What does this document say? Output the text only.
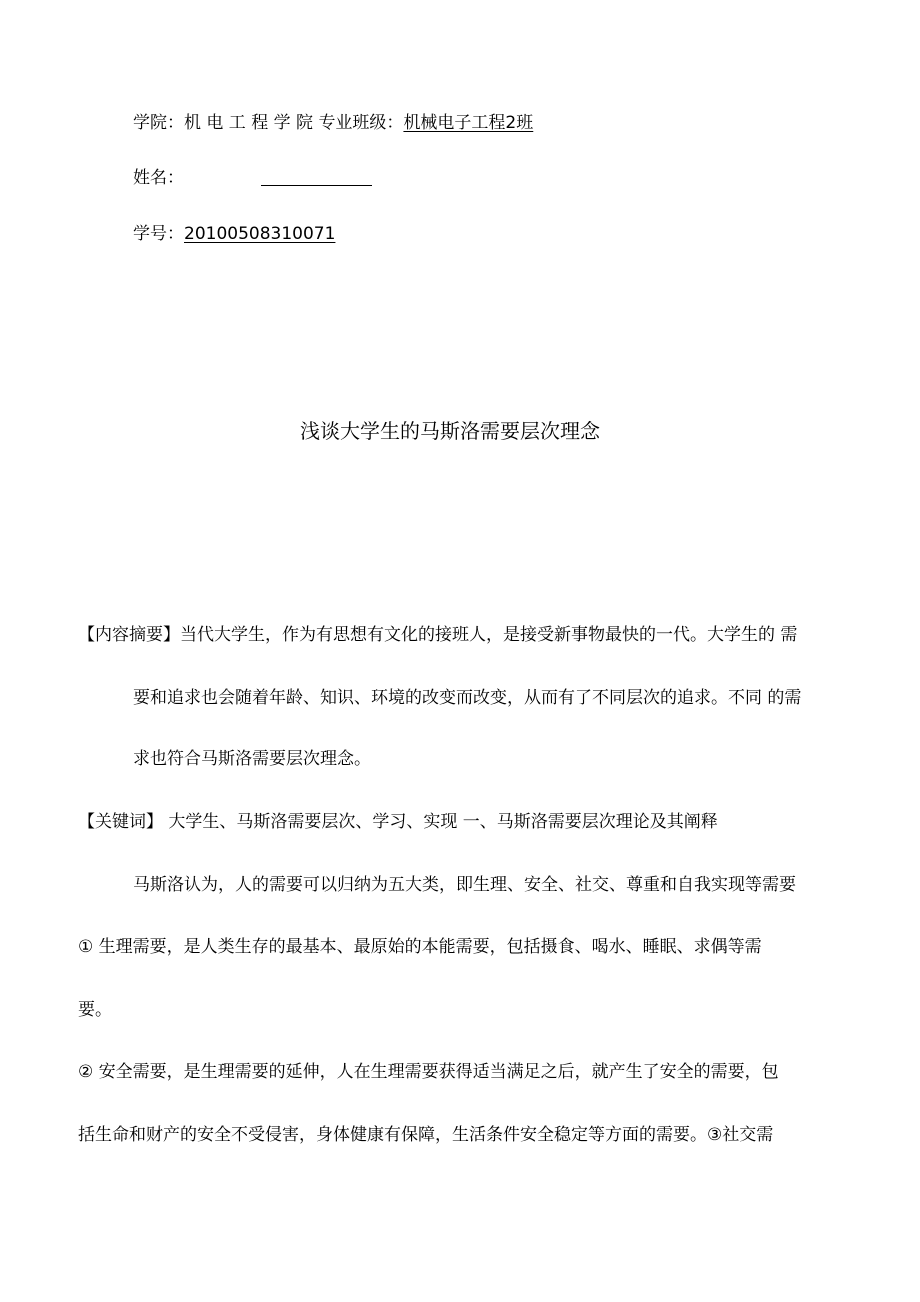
学院：机 电 工 程 学 院 专业班级：机械电子工程2班
姓名：
学号：20100508310071
浅谈大学生的马斯洛需要层次理念
【内容摘要】当代大学生，作为有思想有文化的接班人，是接受新事物最快的一代。大学生的 需
要和追求也会随着年龄、知识、环境的改变而改变，从而有了不同层次的追求。不同 的需
求也符合马斯洛需要层次理念。
【关键词】 大学生、马斯洛需要层次、学习、实现 一、马斯洛需要层次理论及其阐释
马斯洛认为，人的需要可以归纳为五大类，即生理、安全、社交、尊重和自我实现等需要
① 生理需要，是人类生存的最基本、最原始的本能需要，包括摄食、喝水、睡眠、求偶等需
要。
② 安全需要，是生理需要的延伸，人在生理需要获得适当满足之后，就产生了安全的需要，包
括生命和财产的安全不受侵害，身体健康有保障，生活条件安全稳定等方面的需要。③社交需
